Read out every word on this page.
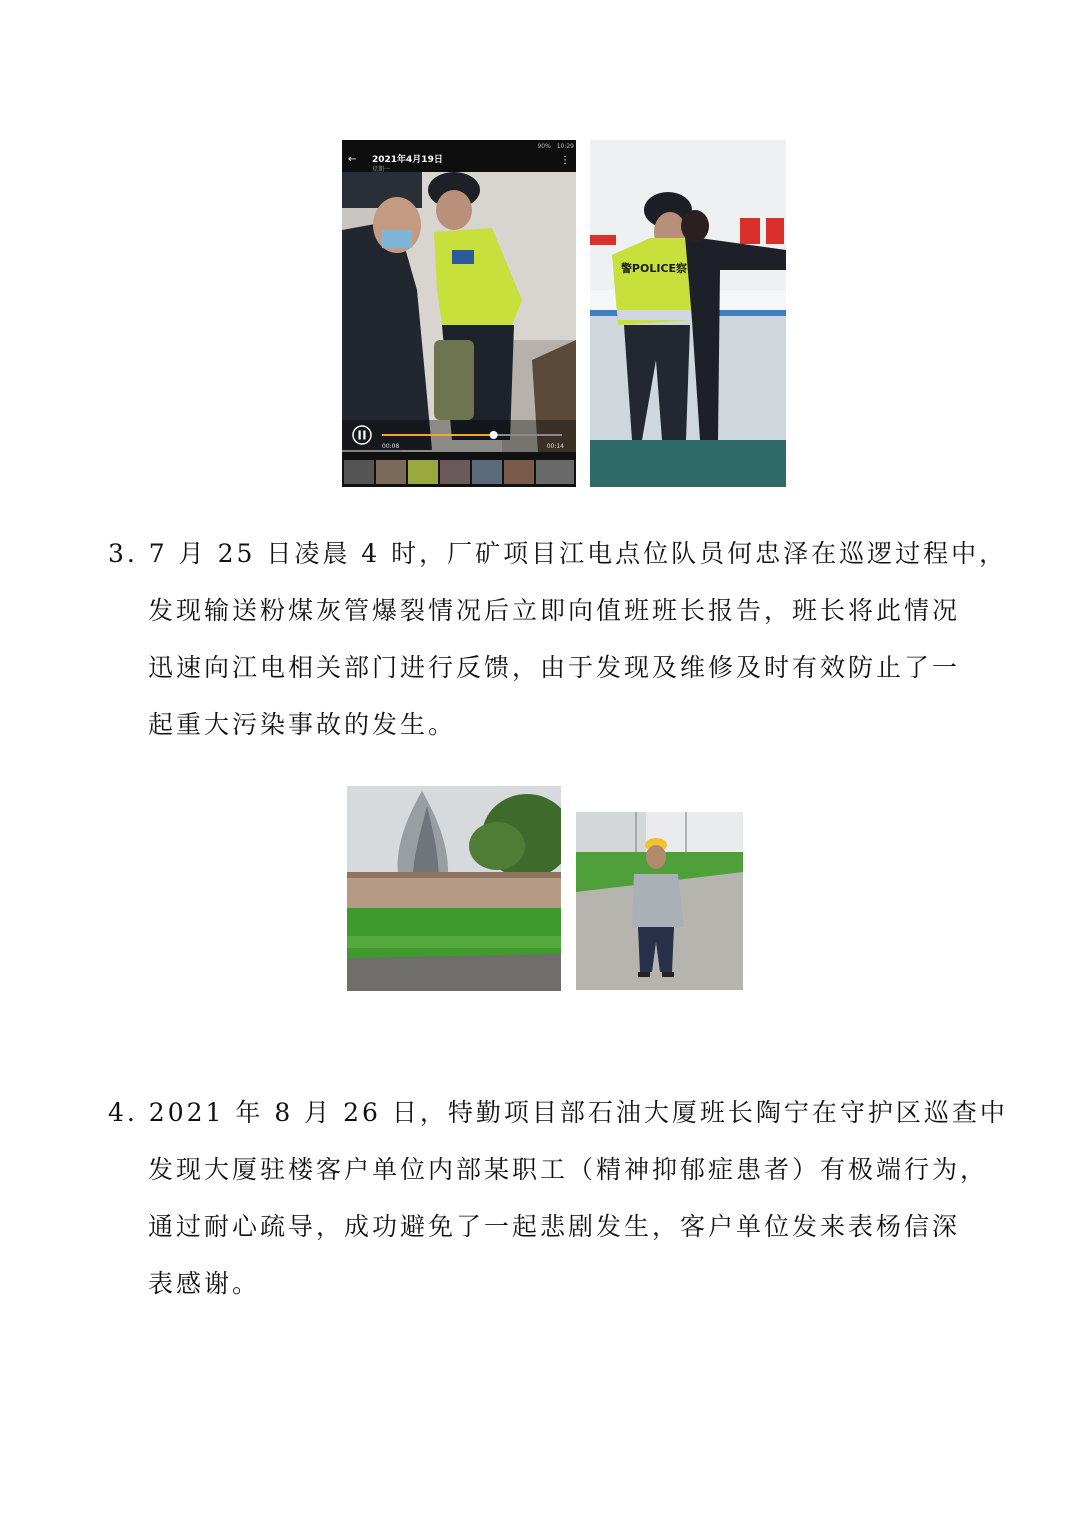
90% 10:29
← 2021年4月19日
星期一
⋮
00:08	00:14
警POLICE察
3. 7 月 25 日凌晨 4 时，厂矿项目江电点位队员何忠泽在巡逻过程中，
发现输送粉煤灰管爆裂情况后立即向值班班长报告，班长将此情况
迅速向江电相关部门进行反馈，由于发现及维修及时有效防止了一
起重大污染事故的发生。
4. 2021 年 8 月 26 日，特勤项目部石油大厦班长陶宁在守护区巡查中
发现大厦驻楼客户单位内部某职工（精神抑郁症患者）有极端行为，
通过耐心疏导，成功避免了一起悲剧发生，客户单位发来表杨信深
表感谢。
